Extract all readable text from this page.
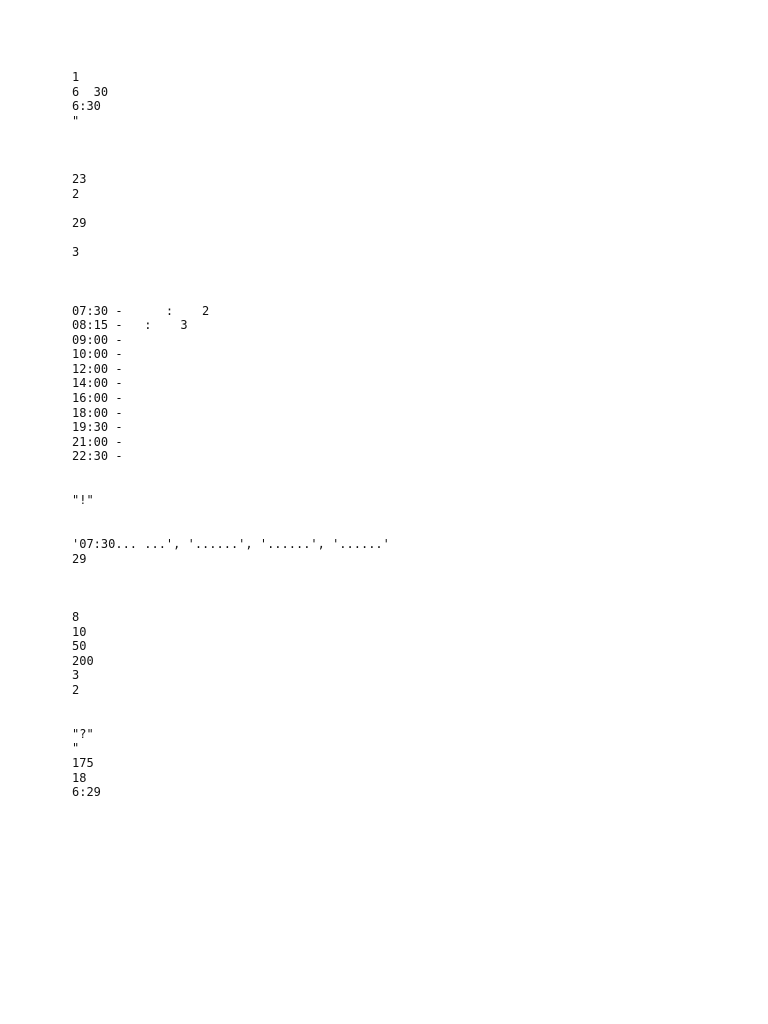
1

6  30

6:30

"

23

2

29

3

07:30 -      :    2

08:15 -   :    3

09:00 -

10:00 -

12:00 -

14:00 -

16:00 -

18:00 -

19:30 -

21:00 -

22:30 -

"!"

'07:30... ...', '......', '......', '......'

29

8

10

50

200

3

2

"?"

"

175

18

6:29
